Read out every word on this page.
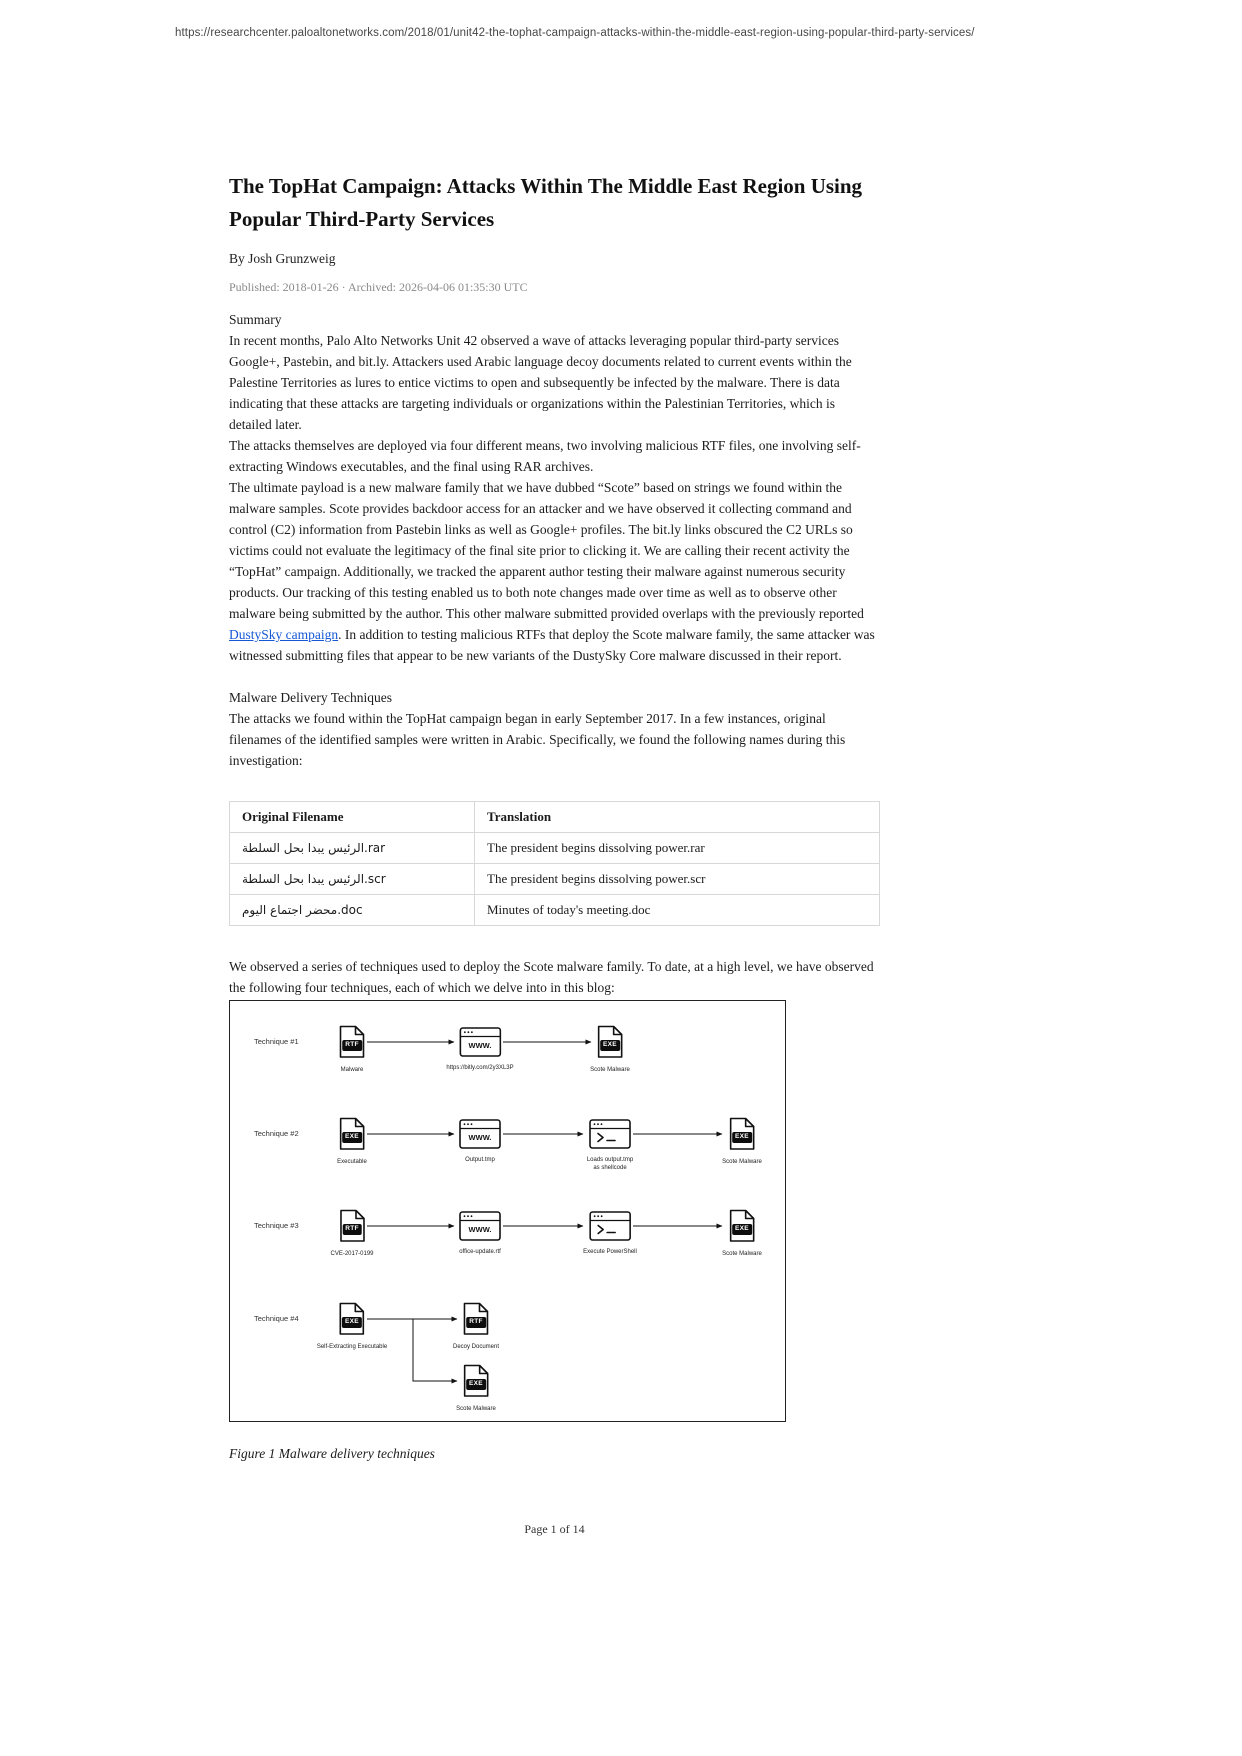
https://researchcenter.paloaltonetworks.com/2018/01/unit42-the-tophat-campaign-attacks-within-the-middle-east-region-using-popular-third-party-services/
The TopHat Campaign: Attacks Within The Middle East Region Using Popular Third-Party Services
By Josh Grunzweig
Published: 2018-01-26 · Archived: 2026-04-06 01:35:30 UTC
Summary

In recent months, Palo Alto Networks Unit 42 observed a wave of attacks leveraging popular third-party services Google+, Pastebin, and bit.ly. Attackers used Arabic language decoy documents related to current events within the Palestine Territories as lures to entice victims to open and subsequently be infected by the malware. There is data indicating that these attacks are targeting individuals or organizations within the Palestinian Territories, which is detailed later.

The attacks themselves are deployed via four different means, two involving malicious RTF files, one involving self-extracting Windows executables, and the final using RAR archives.

The ultimate payload is a new malware family that we have dubbed “Scote” based on strings we found within the malware samples. Scote provides backdoor access for an attacker and we have observed it collecting command and control (C2) information from Pastebin links as well as Google+ profiles. The bit.ly links obscured the C2 URLs so victims could not evaluate the legitimacy of the final site prior to clicking it. We are calling their recent activity the “TopHat” campaign. Additionally, we tracked the apparent author testing their malware against numerous security products. Our tracking of this testing enabled us to both note changes made over time as well as to observe other malware being submitted by the author. This other malware submitted provided overlaps with the previously reported DustySky campaign. In addition to testing malicious RTFs that deploy the Scote malware family, the same attacker was witnessed submitting files that appear to be new variants of the DustySky Core malware discussed in their report.

Malware Delivery Techniques

The attacks we found within the TopHat campaign began in early September 2017. In a few instances, original filenames of the identified samples were written in Arabic. Specifically, we found the following names during this investigation:

Original Filename	Translation
الرئيس يبدا بحل السلطة.rar	The president begins dissolving power.rar
الرئيس يبدا بحل السلطة.scr	The president begins dissolving power.scr
محضر اجتماع اليوم.doc	Minutes of today's meeting.doc

We observed a series of techniques used to deploy the Scote malware family. To date, at a high level, we have observed the following four techniques, each of which we delve into in this blog:

Technique #1	RTF
Malware
WWW.
https://bitly.com/2y3XL3P
EXE
Scote Malware
Technique #2	EXE
Executable
WWW.
Output.tmp	Loads output.tmp as shellcode
EXE
Scote Malware
Technique #3	RTF
CVE-2017-0199
WWW.
office-update.rtf	Execute PowerShell
EXE
Scote Malware
Technique #4	EXE
Self-Extracting Executable
RTF
Decoy Document
EXE
Scote Malware
Figure 1 Malware delivery techniques
Page 1 of 14
